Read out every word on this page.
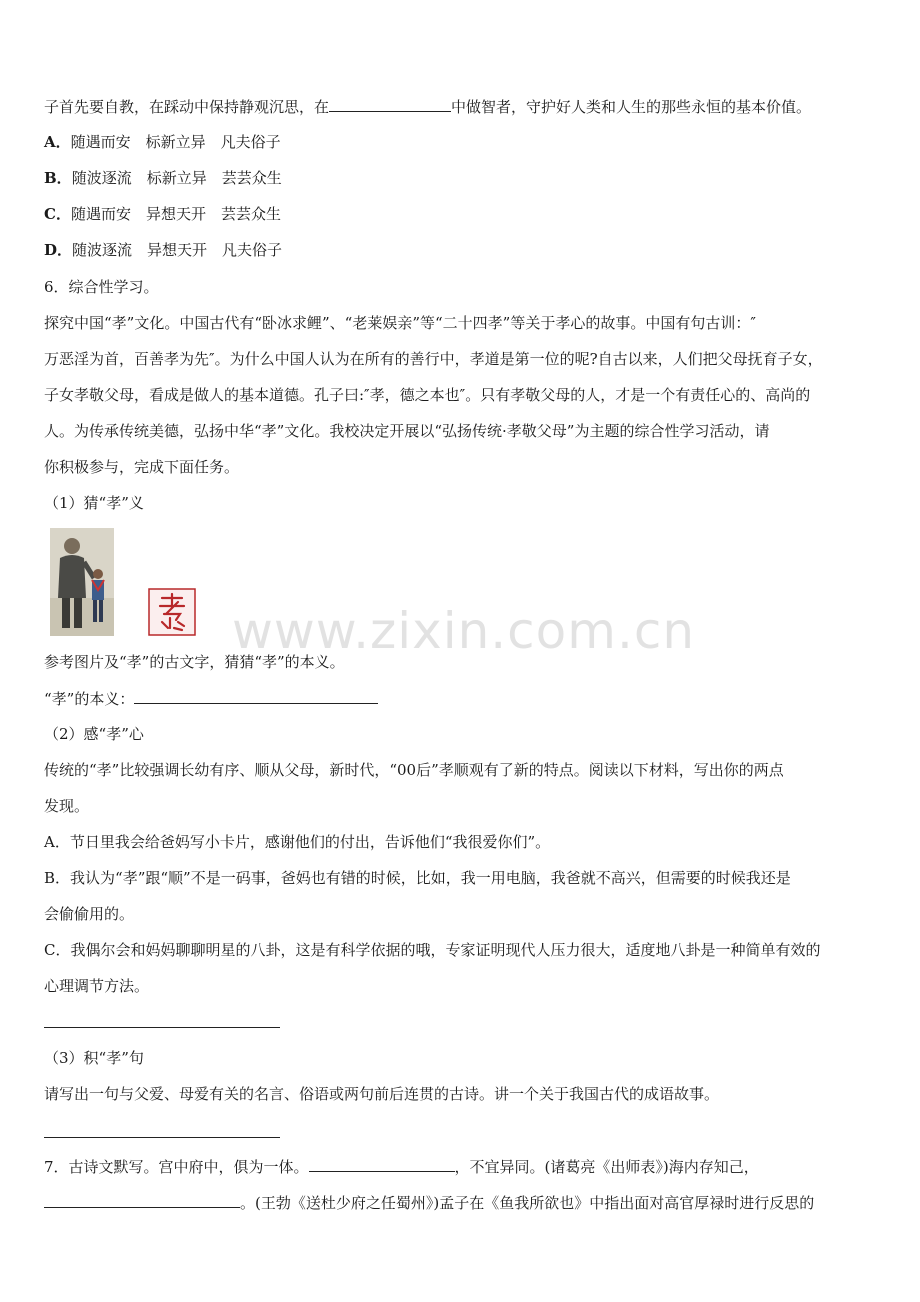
子首先要自教，在踩动中保持静观沉思，在	中做智者，守护好人类和人生的那些永恒的基本价值。
A．随遇而安　标新立异　凡夫俗子
B．随波逐流　标新立异　芸芸众生
C．随遇而安　异想天开　芸芸众生
D．随波逐流　异想天开　凡夫俗子
6．综合性学习。
探究中国“孝”文化。中国古代有“卧冰求鲤”、“老莱娱亲”等“二十四孝”等关于孝心的故事。中国有句古训：″
万恶淫为首，百善孝为先″。为什么中国人认为在所有的善行中，孝道是第一位的呢?自古以来，人们把父母抚育子女，
子女孝敬父母，看成是做人的基本道德。孔子曰:″孝，德之本也″。只有孝敬父母的人，才是一个有责任心的、高尚的
人。为传承传统美德，弘扬中华“孝”文化。我校决定开展以“弘扬传统·孝敬父母”为主题的综合性学习活动，请
你积极参与，完成下面任务。
（1）猜“孝”义
www.zixin.com.cn
参考图片及“孝”的古文字，猜猜“孝”的本义。
“孝”的本义：
（2）感“孝”心
传统的“孝”比较强调长幼有序、顺从父母，新时代，“00后”孝顺观有了新的特点。阅读以下材料，写出你的两点
发现。
A．节日里我会给爸妈写小卡片，感谢他们的付出，告诉他们“我很爱你们”。
B．我认为“孝”跟“顺”不是一码事，爸妈也有错的时候，比如，我一用电脑，我爸就不高兴，但需要的时候我还是
会偷偷用的。
C．我偶尔会和妈妈聊聊明星的八卦，这是有科学依据的哦，专家证明现代人压力很大，适度地八卦是一种简单有效的
心理调节方法。
（3）积“孝”句
请写出一句与父爱、母爱有关的名言、俗语或两句前后连贯的古诗。讲一个关于我国古代的成语故事。
7．古诗文默写。宫中府中，俱为一体。	，不宜异同。(诸葛亮《出师表》)海内存知己，
。(王勃《送杜少府之任蜀州》)孟子在《鱼我所欲也》中指出面对高官厚禄时进行反思的
